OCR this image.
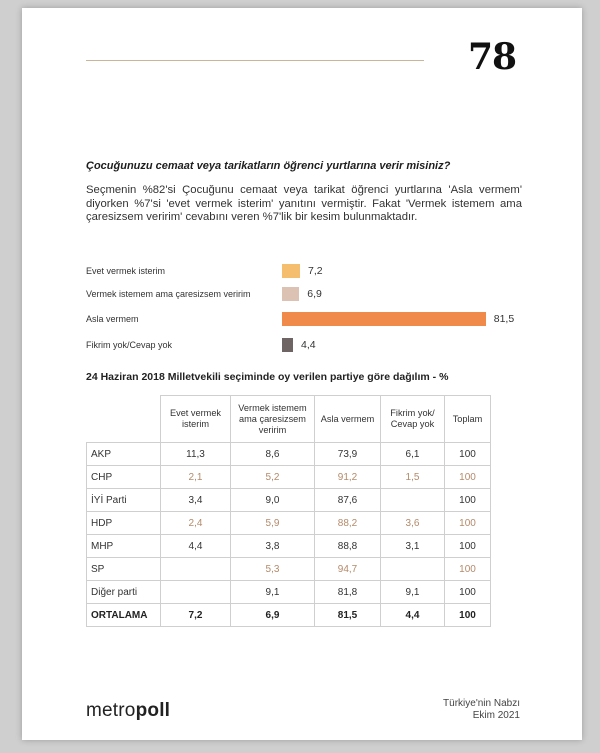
78
Çocuğunuzu cemaat veya tarikatların öğrenci yurtlarına verir misiniz?
Seçmenin %82'si Çocuğunu cemaat veya tarikat öğrenci yurtlarına 'Asla vermem' diyorken %7'si 'evet vermek isterim' yanıtını vermiştir. Fakat 'Vermek istemem ama çaresizsem veririm' cevabını veren %7'lik bir kesim bulunmaktadır.
Evet vermek isterim	7,2
Vermek istemem ama çaresizsem veririm	6,9
Asla vermem	81,5
Fikrim yok/Cevap yok	4,4
24 Haziran 2018 Milletvekili seçiminde oy verilen partiye göre dağılım - %
	Evet vermek isterim	Vermek istemem ama çaresizsem veririm	Asla vermem	Fikrim yok/ Cevap yok	Toplam
AKP	11,3	8,6	73,9	6,1	100
CHP	2,1	5,2	91,2	1,5	100
İYİ Parti	3,4	9,0	87,6		100
HDP	2,4	5,9	88,2	3,6	100
MHP	4,4	3,8	88,8	3,1	100
SP		5,3	94,7		100
Diğer parti		9,1	81,8	9,1	100
ORTALAMA	7,2	6,9	81,5	4,4	100
metropoll	Türkiye'nin Nabzı
Ekim 2021
